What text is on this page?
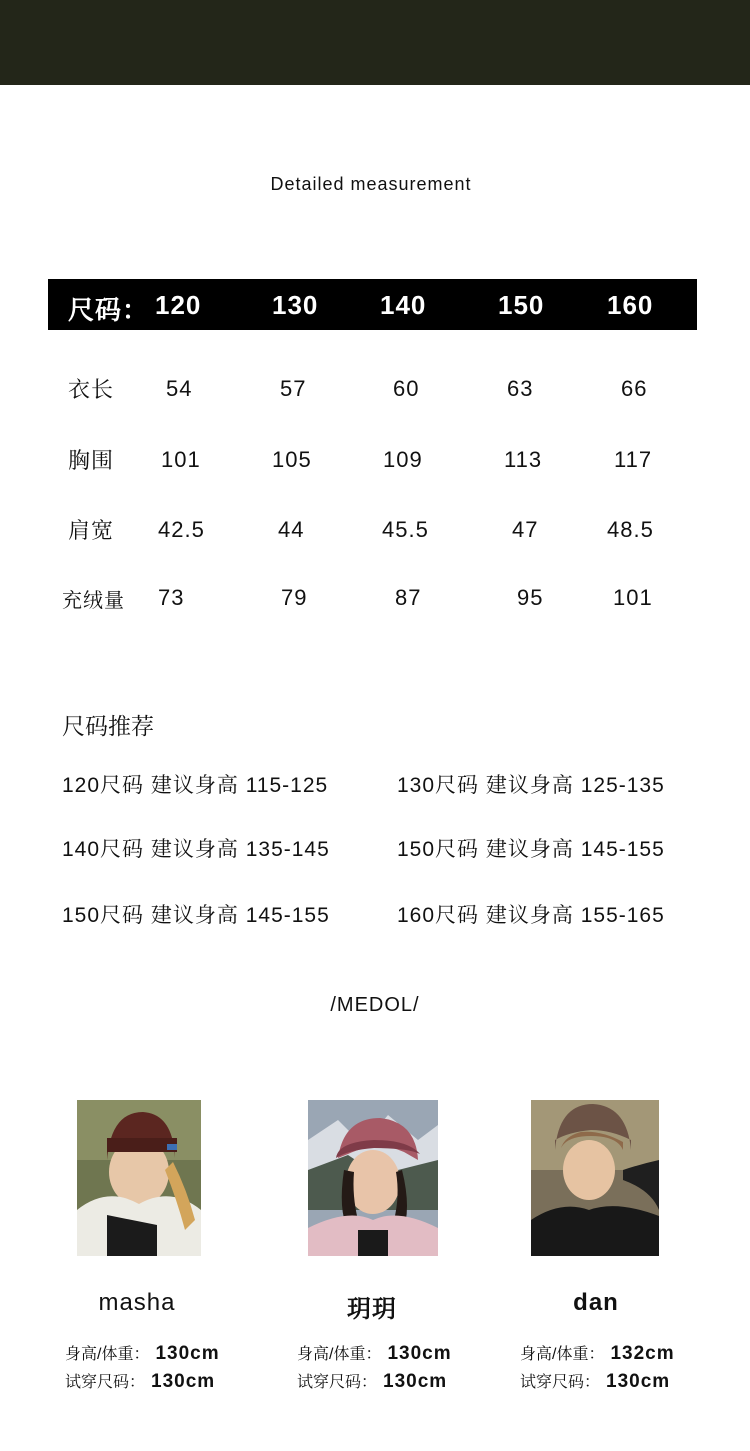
Detailed measurement
尺码： 120	130 140	150 160
衣长 54	57	60	63	66
胸围 101	105	109	113	117
肩宽 42.5	44	45.5	47	48.5
充绒量 73	79	87	95	101
尺码推荐
120尺码 建议身高 115-125	130尺码 建议身高 125-135
140尺码 建议身高 135-145	150尺码 建议身高 145-155
150尺码 建议身高 145-155	160尺码 建议身高 155-165
/MEDOL/
masha	玥玥	dan
身高/体重： 130cm
试穿尺码： 130cm
身高/体重： 130cm
试穿尺码： 130cm
身高/体重： 132cm
试穿尺码： 130cm
